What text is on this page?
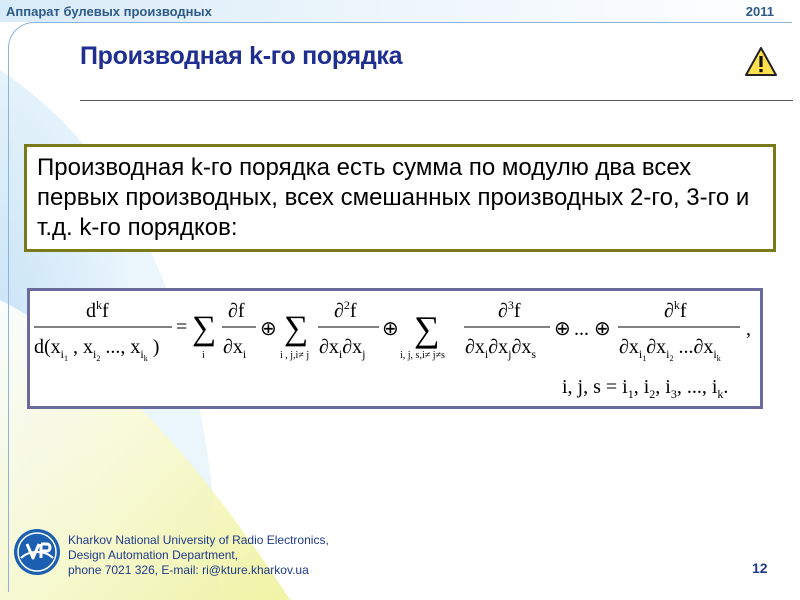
Аппарат булевых производных	2011
Производная k-го порядка
Производная k-го порядка есть сумма по модулю два всех первых производных, всех смешанных производных 2-го, 3-го и т.д. k-го порядков:
$d^kf$
$d(x_i1$ , $x_i2$ ..., $x_ik$ )
= ∑
i
∂f
$\partial x_i$
⊕ ∑
i , j,i≠ j
∂$^2$f
$\partial x_i\partial x_j$
⊕ ∑
i, j, s,i≠ j≠s
∂$^3$f
$\partial x_i\partial x_j\partial x_s$
⊕ ... ⊕
∂$^k$f
$\partial x_i1\partial x_i2$ $...\partial x_ik$
,
i, j, $s = i_1$, $i_2$, $i_3$, ..., $i_k$.
Kharkov National University of Radio Electronics,
Design Automation Department,
phone 7021 326, E-mail: ri@kture.kharkov.ua	12
